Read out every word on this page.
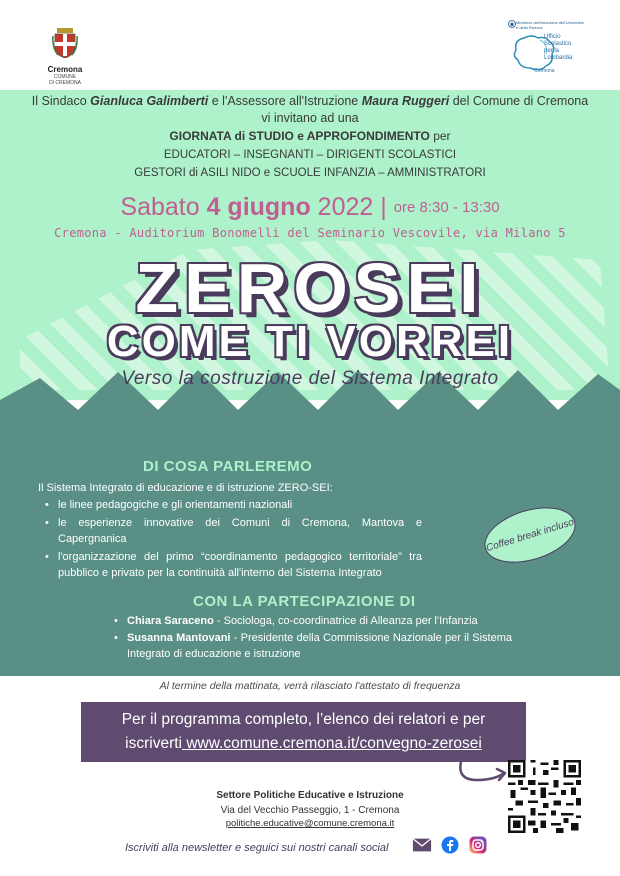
Cremona
COMUNE
DI CREMONA
Ministero dell'Istruzione dell'Università e della Ricerca
Ufficio
Scolastico
per la
Lombardia
Cremona
Il Sindaco Gianluca Galimberti e l'Assessore all'Istruzione Maura Ruggeri del Comune di Cremona
vi invitano ad una
GIORNATA di STUDIO e APPROFONDIMENTO per
EDUCATORI – INSEGNANTI – DIRIGENTI SCOLASTICI
GESTORI di ASILI NIDO e SCUOLE INFANZIA – AMMINISTRATORI
Sabato 4 giugno 2022 | ore 8:30 - 13:30
Cremona - Auditorium Bonomelli del Seminario Vescovile, via Milano 5
ZEROSEI
COME TI VORREI
Verso la costruzione del Sistema Integrato
DI COSA PARLEREMO
Il Sistema Integrato di educazione e di istruzione ZERO-SEI:
• le linee pedagogiche e gli orientamenti nazionali
• le esperienze innovative dei Comuni di Cremona, Mantova e Capergnanica
• l'organizzazione del primo “coordinamento pedagogico territoriale” tra pubblico e privato per la continuità all'interno del Sistema Integrato
Coffee break incluso
CON LA PARTECIPAZIONE DI
• Chiara Saraceno - Sociologa, co-coordinatrice di Alleanza per l'Infanzia
• Susanna Mantovani - Presidente della Commissione Nazionale per il Sistema Integrato di educazione e istruzione
Al termine della mattinata, verrà rilasciato l'attestato di frequenza
Per il programma completo, l’elenco dei relatori e per
iscriverti www.comune.cremona.it/convegno-zerosei
Settore Politiche Educative e Istruzione
Via del Vecchio Passeggio, 1 - Cremona
politiche.educative@comune.cremona.it
Iscriviti alla newsletter e seguici sui nostri canali social
